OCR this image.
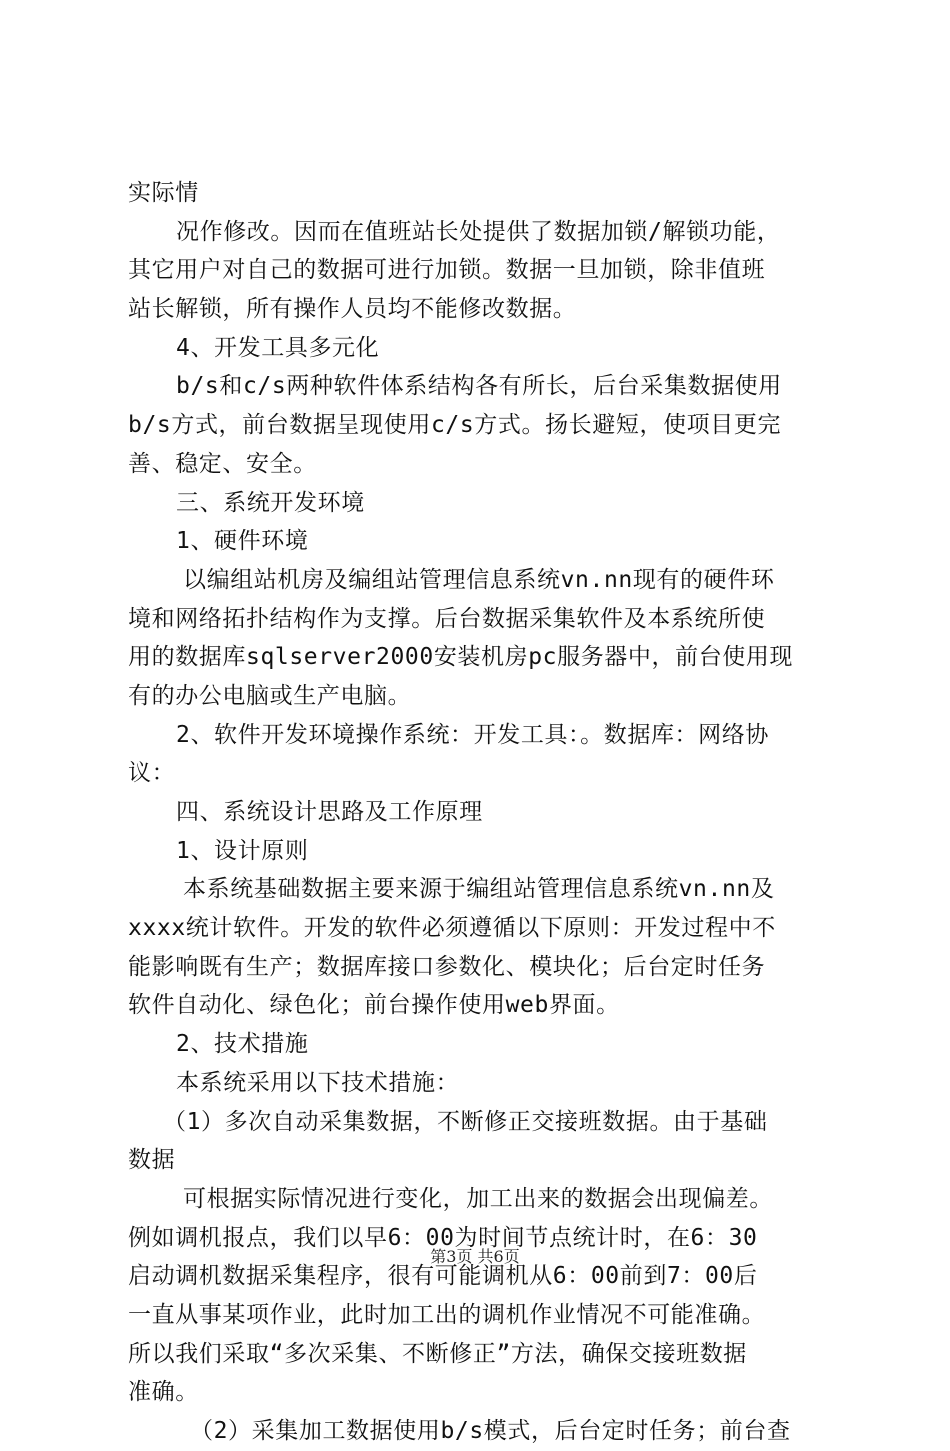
实际情
况作修改。因而在值班站长处提供了数据加锁/解锁功能，
其它用户对自己的数据可进行加锁。数据一旦加锁，除非值班
站长解锁，所有操作人员均不能修改数据。
4、开发工具多元化
b/s和c/s两种软件体系结构各有所长，后台采集数据使用
b/s方式，前台数据呈现使用c/s方式。扬长避短，使项目更完
善、稳定、安全。
三、系统开发环境
1、硬件环境
以编组站机房及编组站管理信息系统vn.nn现有的硬件环
境和网络拓扑结构作为支撑。后台数据采集软件及本系统所使
用的数据库sqlserver2000安装机房pc服务器中，前台使用现
有的办公电脑或生产电脑。
2、软件开发环境操作系统：开发工具：。数据库：网络协
议：
四、系统设计思路及工作原理
1、设计原则
本系统基础数据主要来源于编组站管理信息系统vn.nn及
xxxx统计软件。开发的软件必须遵循以下原则：开发过程中不
能影响既有生产；数据库接口参数化、模块化；后台定时任务
软件自动化、绿色化；前台操作使用web界面。
2、技术措施
本系统采用以下技术措施：
（1）多次自动采集数据，不断修正交接班数据。由于基础
数据
可根据实际情况进行变化，加工出来的数据会出现偏差。
例如调机报点，我们以早6：00为时间节点统计时，在6：30
启动调机数据采集程序，很有可能调机从6：00前到7：00后
一直从事某项作业，此时加工出的调机作业情况不可能准确。
所以我们采取“多次采集、不断修正”方法，确保交接班数据
准确。
（2）采集加工数据使用b/s模式，后台定时任务；前台查
第3页 共6页
